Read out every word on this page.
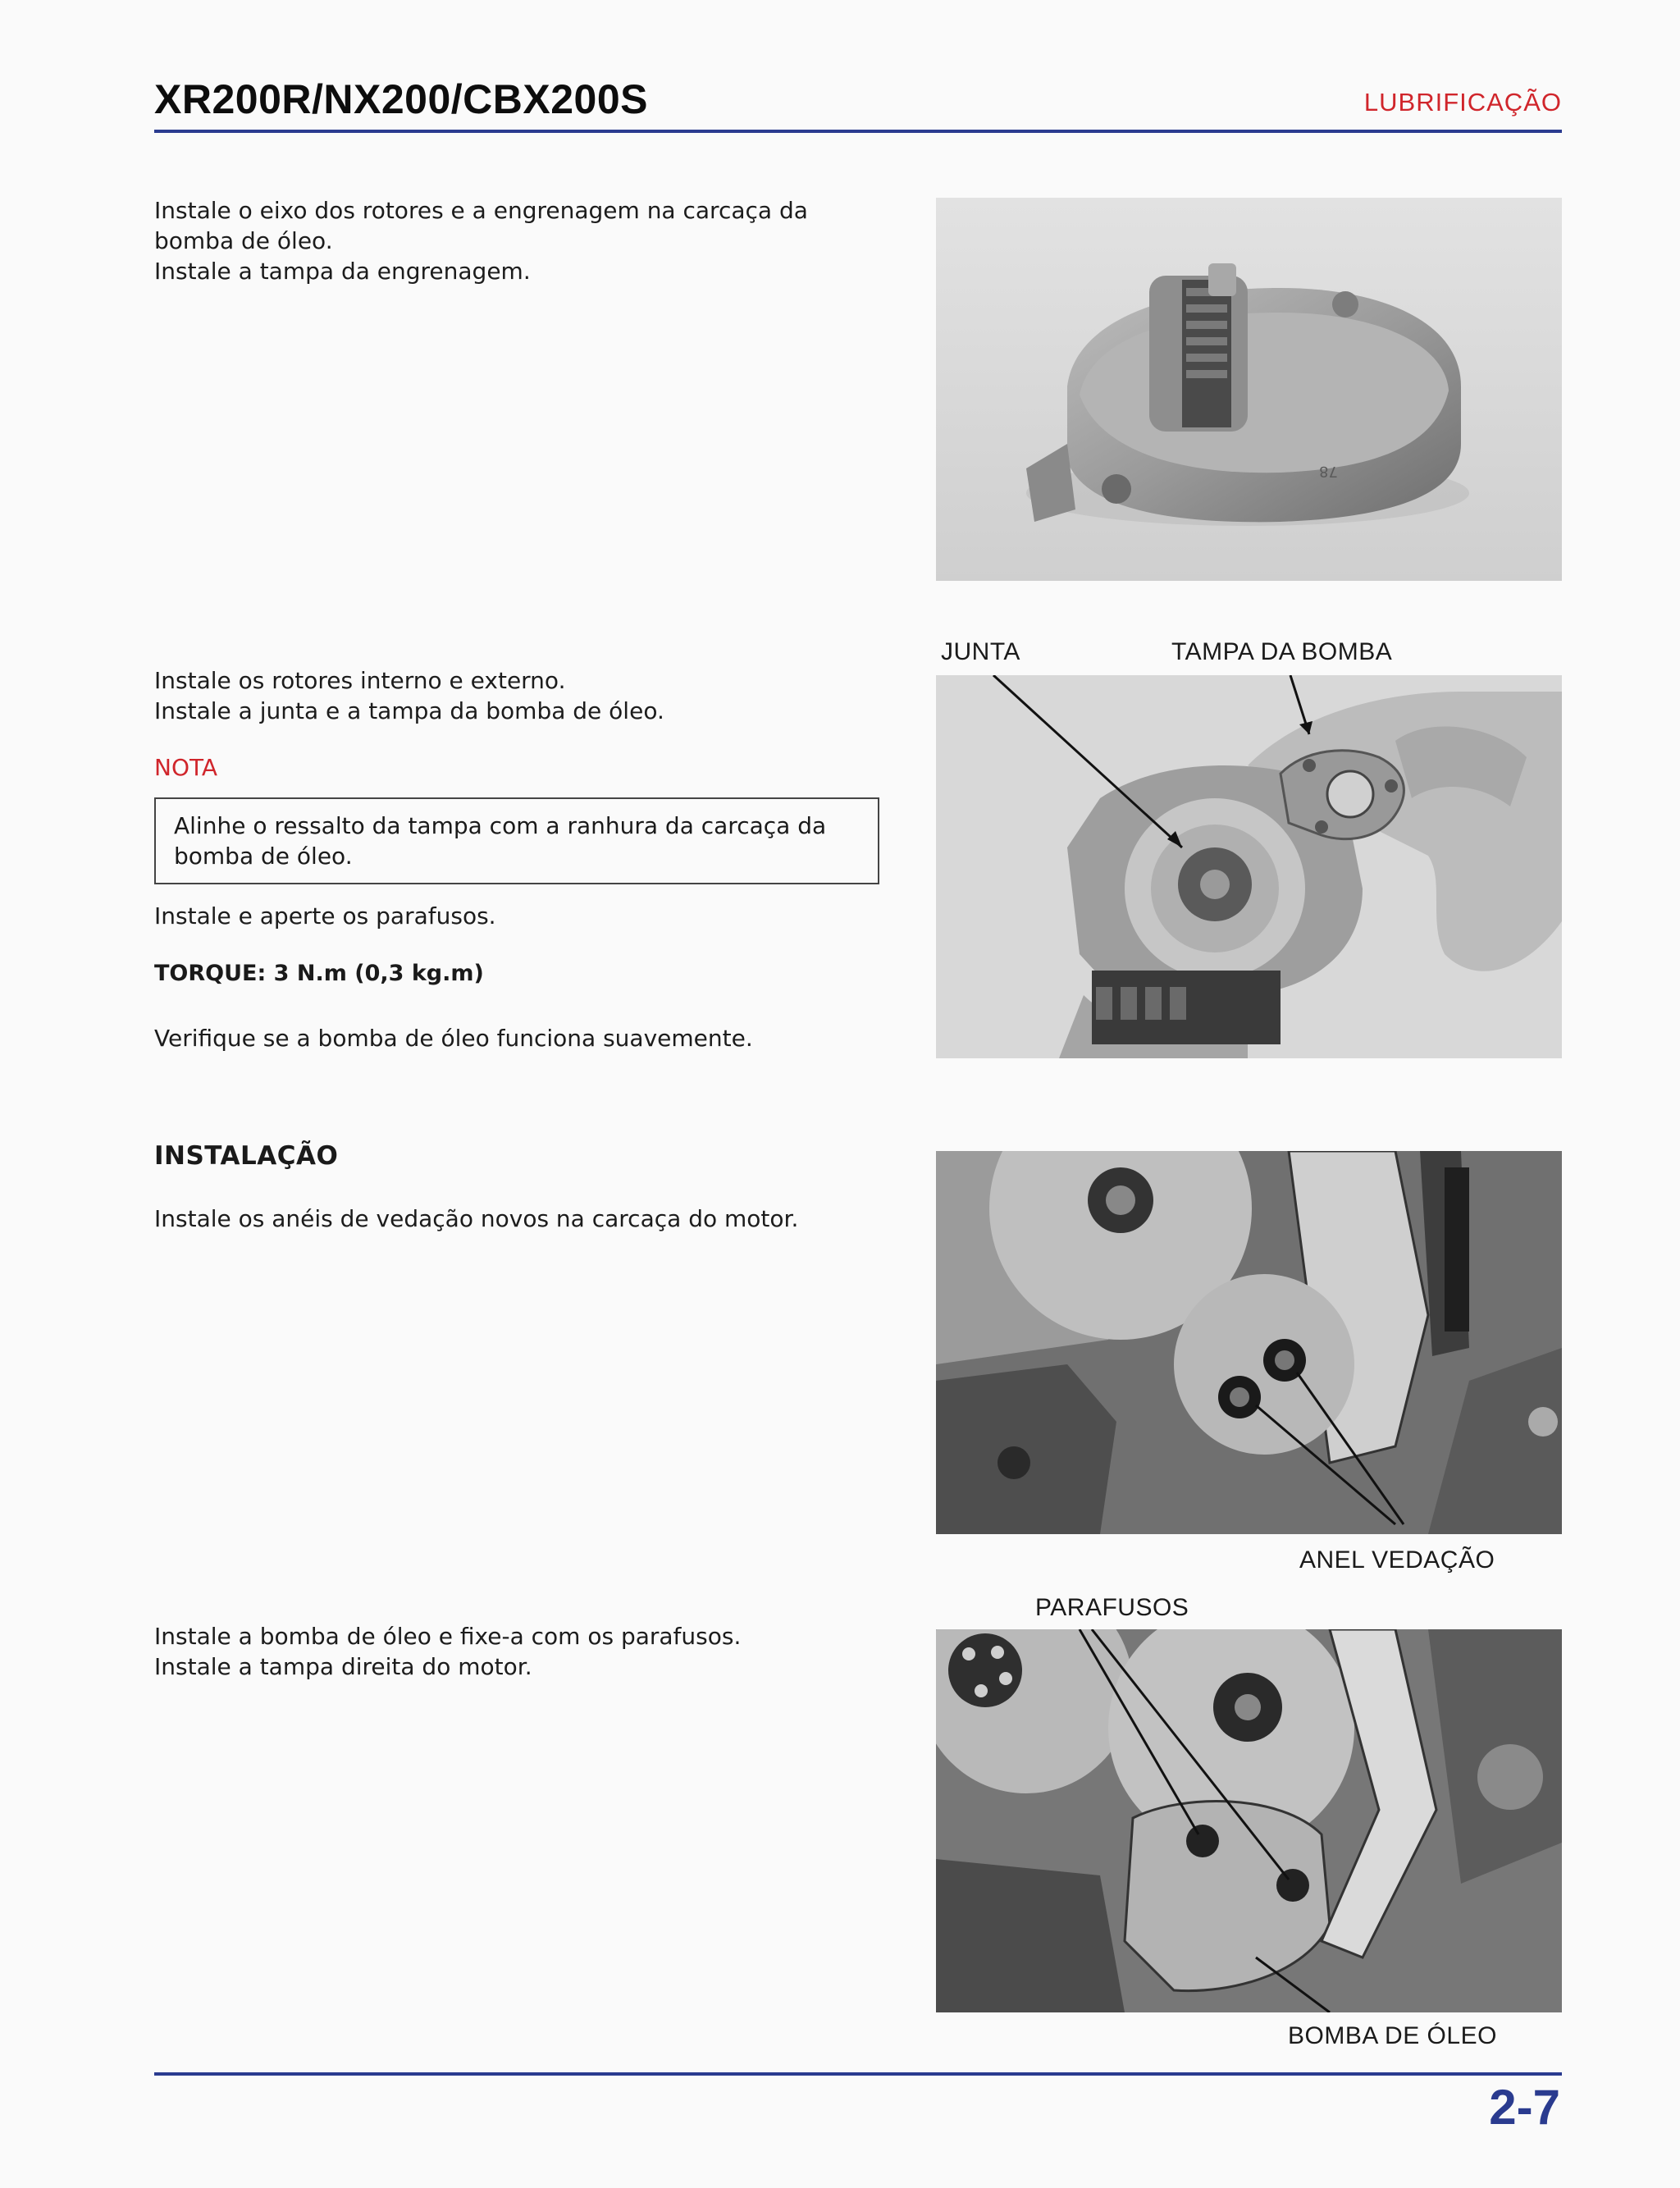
XR200R/NX200/CBX200S	LUBRIFICAÇÃO
Instale o eixo dos rotores e a engrenagem na carcaça da
bomba de óleo.
Instale a tampa da engrenagem.
78
Instale os rotores interno e externo.
Instale a junta e a tampa da bomba de óleo.
NOTA
Alinhe o ressalto da tampa com a ranhura da carcaça da
bomba de óleo.
Instale e aperte os parafusos.
TORQUE: 3 N.m (0,3 kg.m)
Verifique se a bomba de óleo funciona suavemente.
JUNTA	TAMPA DA BOMBA
INSTALAÇÃO
Instale os anéis de vedação novos na carcaça do motor.
ANEL VEDAÇÃO
PARAFUSOS
Instale a bomba de óleo e fixe-a com os parafusos.
Instale a tampa direita do motor.
BOMBA DE ÓLEO
2-7
